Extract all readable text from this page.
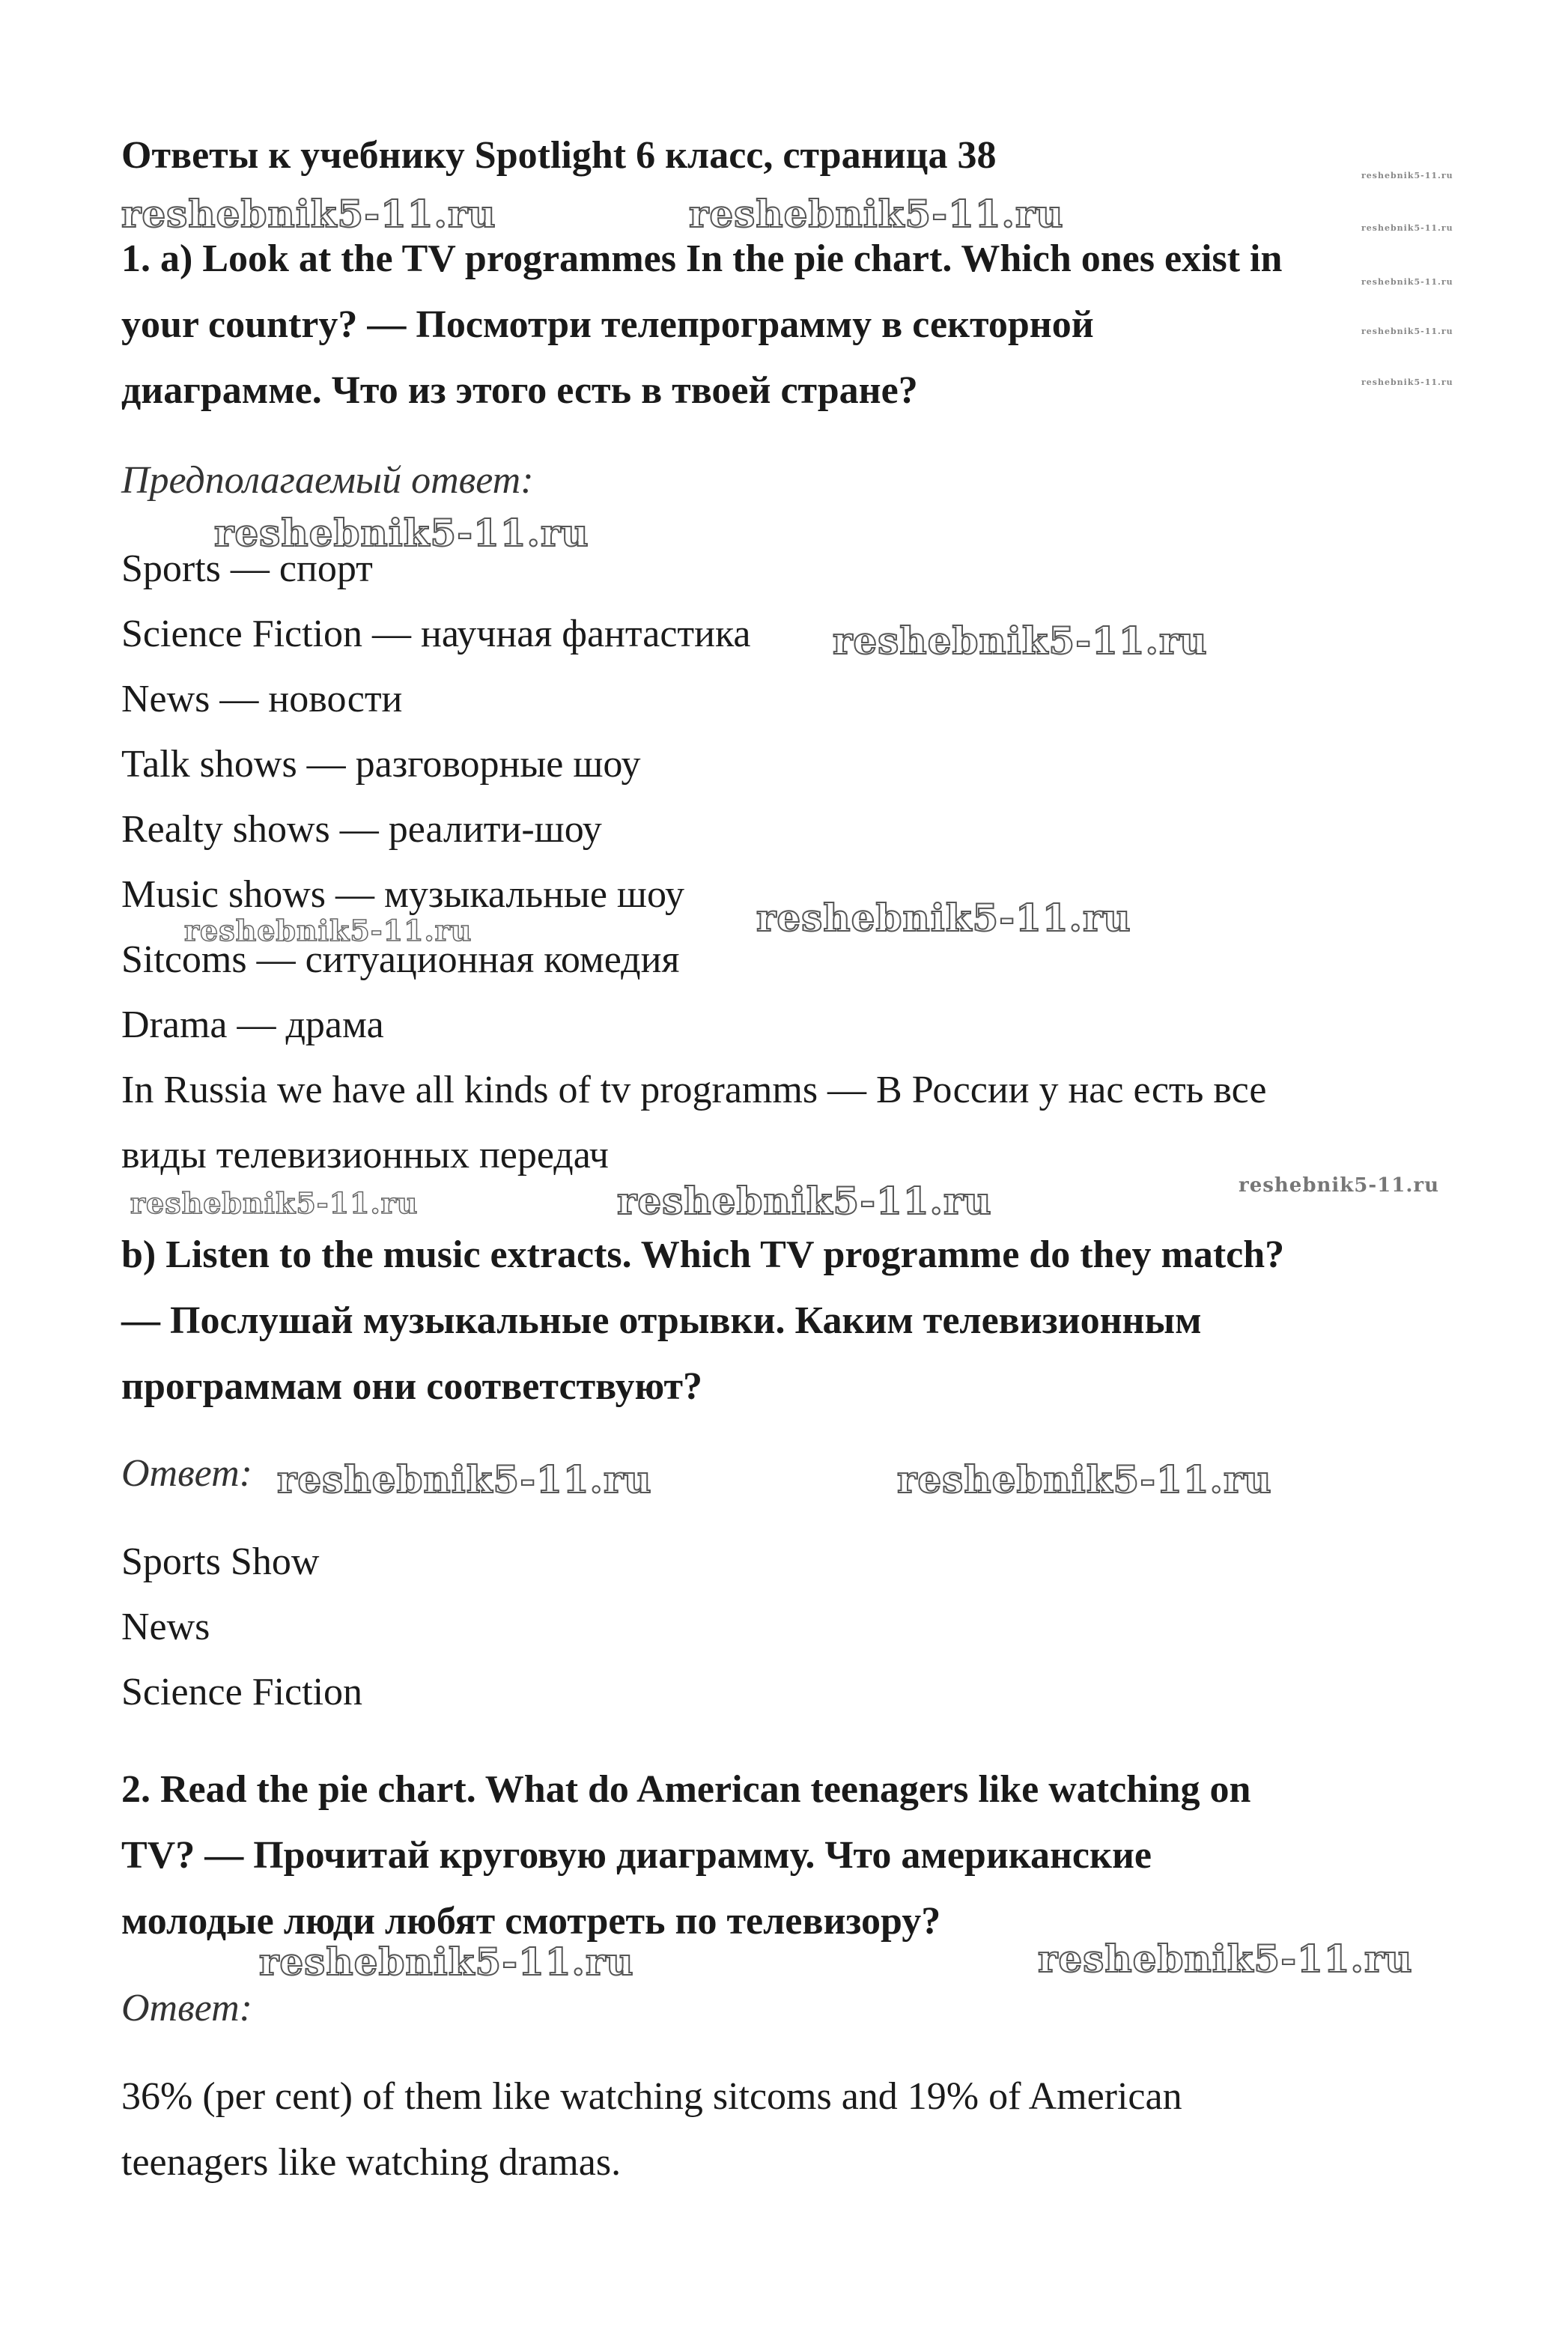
Ответы к учебнику Spotlight 6 класс, страница 38
reshebnik5-11.ru	reshebnik5-11.ru
reshebnik5-11.ru
reshebnik5-11.ru
reshebnik5-11.ru
reshebnik5-11.ru
reshebnik5-11.ru
1. a) Look at the TV programmes In the pie chart. Which ones exist in
your country? — Посмотри телепрограмму в секторной
диаграмме. Что из этого есть в твоей стране?
Предполагаемый ответ:
reshebnik5-11.ru
Sports — спорт
Science Fiction — научная фантастика reshebnik5-11.ru
News — новости
Talk shows — разговорные шоу
Realty shows — реалити-шоу
Music shows — музыкальные шоу
reshebnik5-11.ru
reshebnik5-11.ru
Sitcoms — ситуационная комедия
Drama — драма
In Russia we have all kinds of tv programms — В России у нас есть все
виды телевизионных передач
reshebnik5-11.ru	reshebnik5-11.ru	reshebnik5-11.ru
b) Listen to the music extracts. Which TV programme do they match?
— Послушай музыкальные отрывки. Каким телевизионным
программам они соответствуют?
Ответ: reshebnik5-11.ru	reshebnik5-11.ru
Sports Show
News
Science Fiction
2. Read the pie chart. What do American teenagers like watching on
TV? — Прочитай круговую диаграмму. Что американские
молодые люди любят смотреть по телевизору?
reshebnik5-11.ru	reshebnik5-11.ru
Ответ:
36% (per cent) of them like watching sitcoms and 19% of American
teenagers like watching dramas.
